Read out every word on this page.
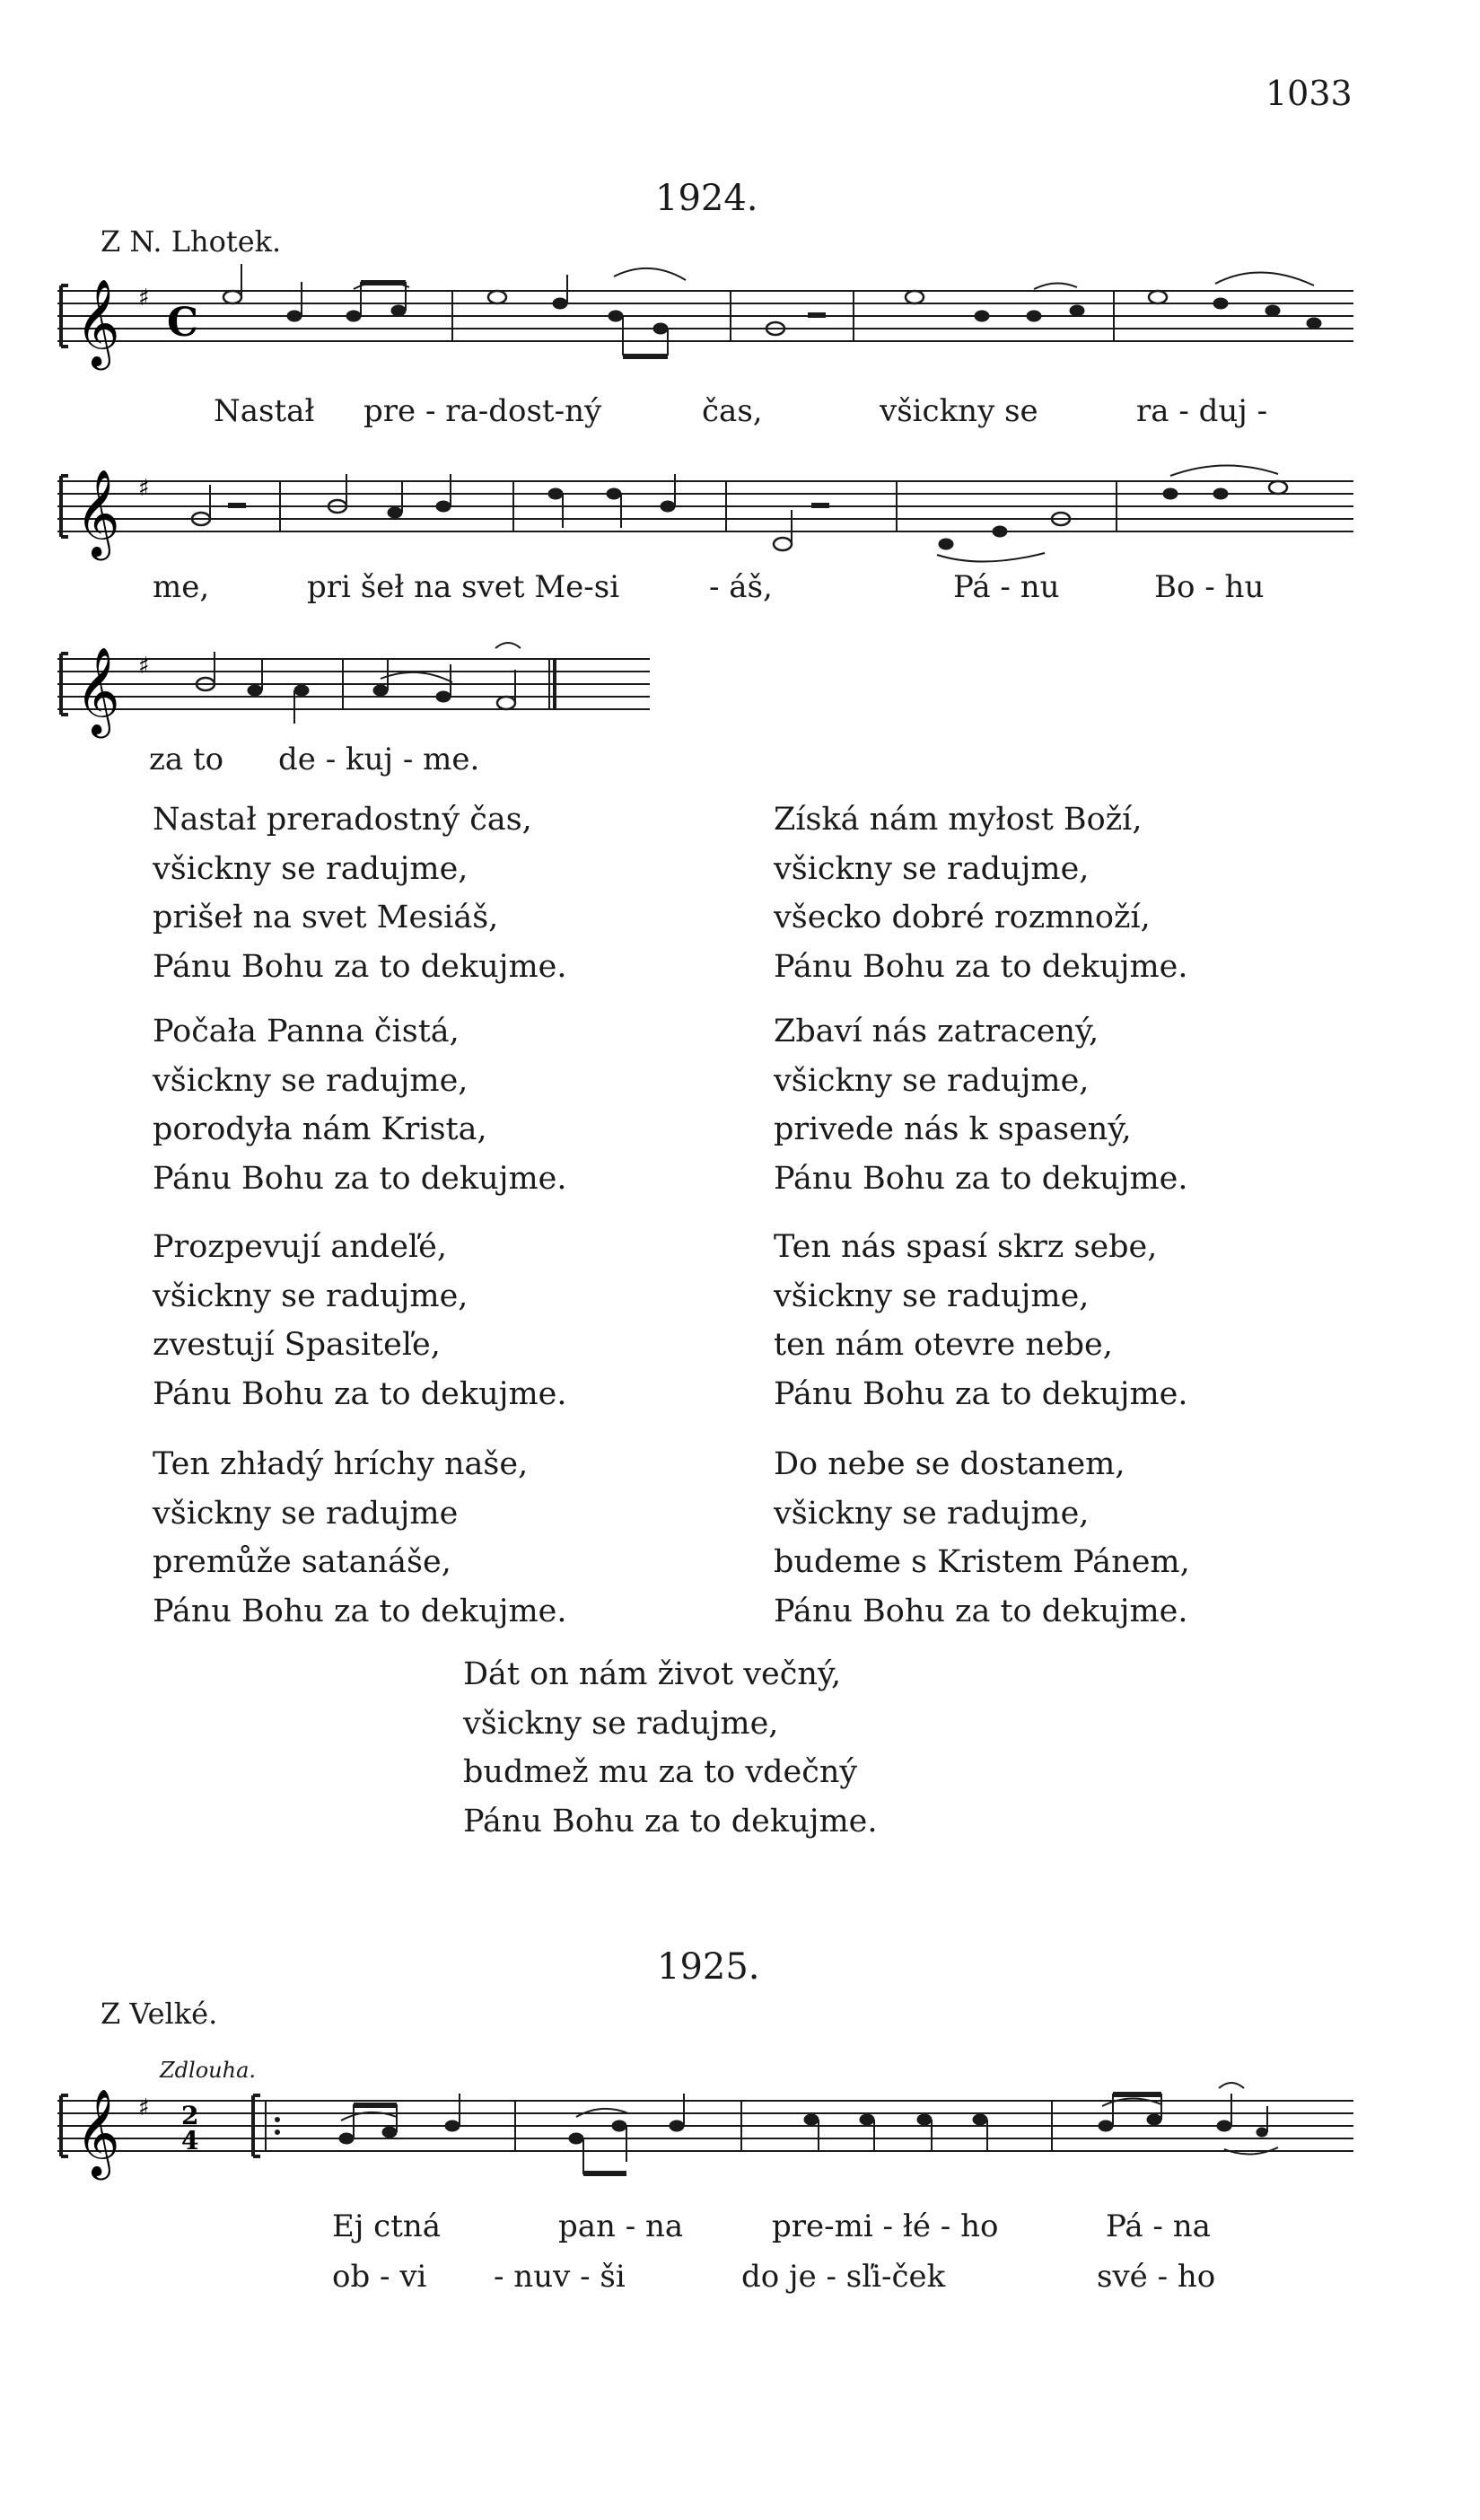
1033
1924.
Z N. Lhotek.
𝄞 ♯
C
Nastał pre - ra-dost-ný	čas,	všickny se	ra - duj -
𝄞 ♯
me,	pri šeł na svet Me-si	- áš,	Pá - nu	Bo - hu
𝄞 ♯
za to de - kuj - me.
Nastał preradostný čas,
všickny se radujme,
prišeł na svet Mesiáš,
Pánu Bohu za to dekujme.
Počała Panna čistá,
všickny se radujme,
porodyła nám Krista,
Pánu Bohu za to dekujme.
Prozpevují andeľé,
všickny se radujme,
zvestují Spasiteľe,
Pánu Bohu za to dekujme.
Ten zhładý hríchy naše,
všickny se radujme
premůže satanáše,
Pánu Bohu za to dekujme.
Získá nám myłost Boží,
všickny se radujme,
všecko dobré rozmnoží,
Pánu Bohu za to dekujme.
Zbaví nás zatracený,
všickny se radujme,
privede nás k spasený,
Pánu Bohu za to dekujme.
Ten nás spasí skrz sebe,
všickny se radujme,
ten nám otevre nebe,
Pánu Bohu za to dekujme.
Do nebe se dostanem,
všickny se radujme,
budeme s Kristem Pánem,
Pánu Bohu za to dekujme.
Dát on nám život večný,
všickny se radujme,
budmež mu za to vdečný
Pánu Bohu za to dekujme.
1925.
Z Velké.
Zdlouha.
𝄞 ♯ 2
4
Ej ctná	pan - na	pre-mi - łé - ho	Pá - na
ob - vi - nuv - ši	do je - sľi-ček	své - ho
